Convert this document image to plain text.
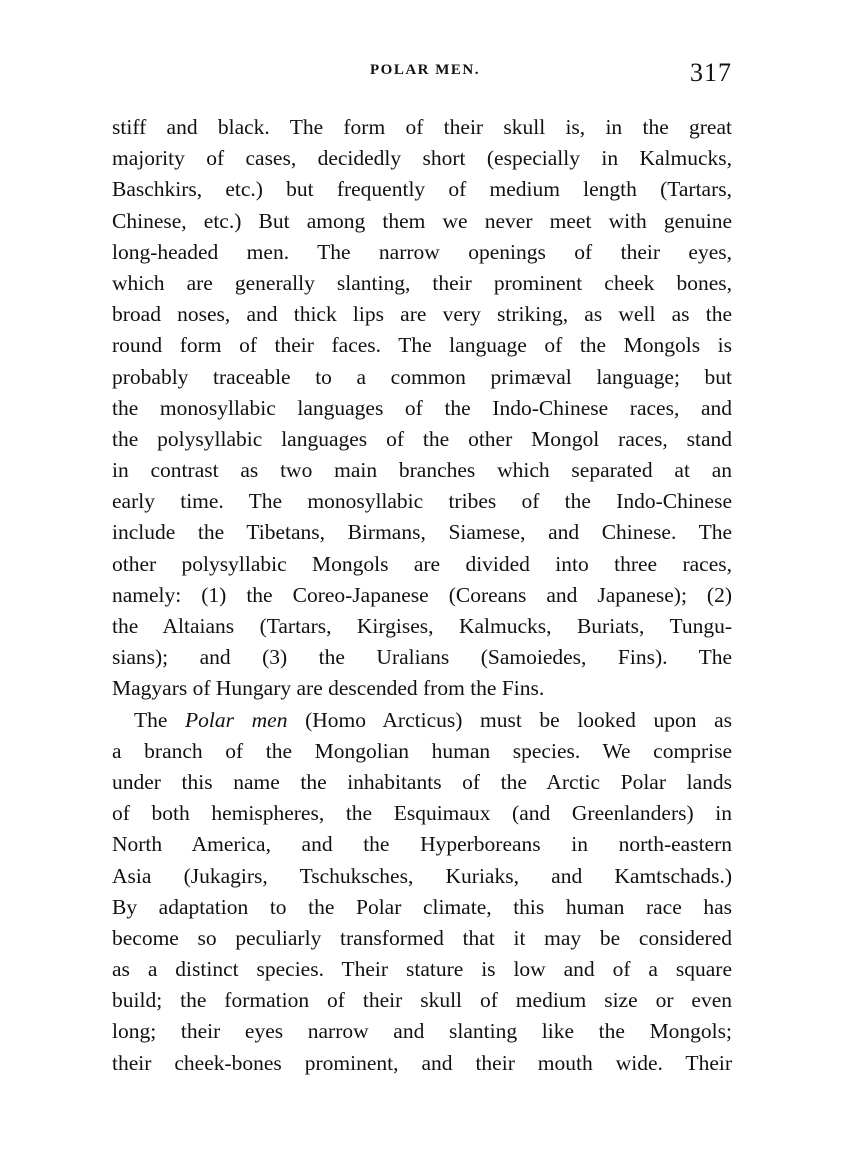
POLAR MEN.	317
stiff and black. The form of their skull is, in the great
majority of cases, decidedly short (especially in Kalmucks,
Baschkirs, etc.) but frequently of medium length (Tartars,
Chinese, etc.) But among them we never meet with genuine
long-headed men. The narrow openings of their eyes,
which are generally slanting, their prominent cheek bones,
broad noses, and thick lips are very striking, as well as the
round form of their faces. The language of the Mongols is
probably traceable to a common primæval language; but
the monosyllabic languages of the Indo-Chinese races, and
the polysyllabic languages of the other Mongol races, stand
in contrast as two main branches which separated at an
early time. The monosyllabic tribes of the Indo-Chinese
include the Tibetans, Birmans, Siamese, and Chinese. The
other polysyllabic Mongols are divided into three races,
namely: (1) the Coreo-Japanese (Coreans and Japanese); (2)
the Altaians (Tartars, Kirgises, Kalmucks, Buriats, Tungu-
sians); and (3) the Uralians (Samoiedes, Fins). The
Magyars of Hungary are descended from the Fins.
The Polar men (Homo Arcticus) must be looked upon as
a branch of the Mongolian human species. We comprise
under this name the inhabitants of the Arctic Polar lands
of both hemispheres, the Esquimaux (and Greenlanders) in
North America, and the Hyperboreans in north-eastern
Asia (Jukagirs, Tschuksches, Kuriaks, and Kamtschads.)
By adaptation to the Polar climate, this human race has
become so peculiarly transformed that it may be considered
as a distinct species. Their stature is low and of a square
build; the formation of their skull of medium size or even
long; their eyes narrow and slanting like the Mongols;
their cheek-bones prominent, and their mouth wide. Their
